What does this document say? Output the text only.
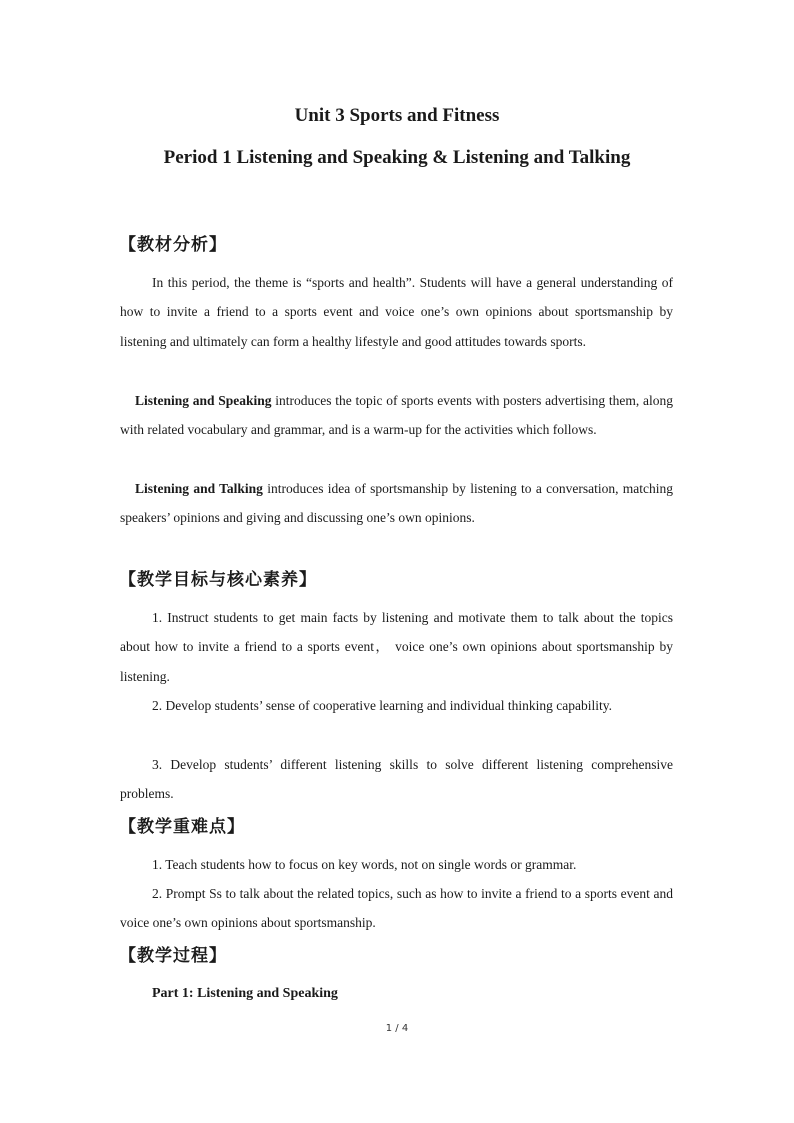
Unit 3 Sports and Fitness
Period 1 Listening and Speaking & Listening and Talking
【教材分析】

In this period, the theme is “sports and health”. Students will have a general understanding of how to invite a friend to a sports event and voice one’s own opinions about sportsmanship by listening and ultimately can form a healthy lifestyle and good attitudes towards sports.

Listening and Speaking introduces the topic of sports events with posters advertising them, along with related vocabulary and grammar, and is a warm-up for the activities which follows.

Listening and Talking introduces idea of sportsmanship by listening to a conversation, matching speakers’ opinions and giving and discussing one’s own opinions.

【教学目标与核心素养】

1. Instruct students to get main facts by listening and motivate them to talk about the topics about how to invite a friend to a sports event， voice one’s own opinions about sportsmanship by listening.

2. Develop students’ sense of cooperative learning and individual thinking capability.

3. Develop students’ different listening skills to solve different listening comprehensive problems.

【教学重难点】

1. Teach students how to focus on key words, not on single words or grammar.

2. Prompt Ss to talk about the related topics, such as how to invite a friend to a sports event and voice one’s own opinions about sportsmanship.

【教学过程】
Part 1: Listening and Speaking
1 / 4
